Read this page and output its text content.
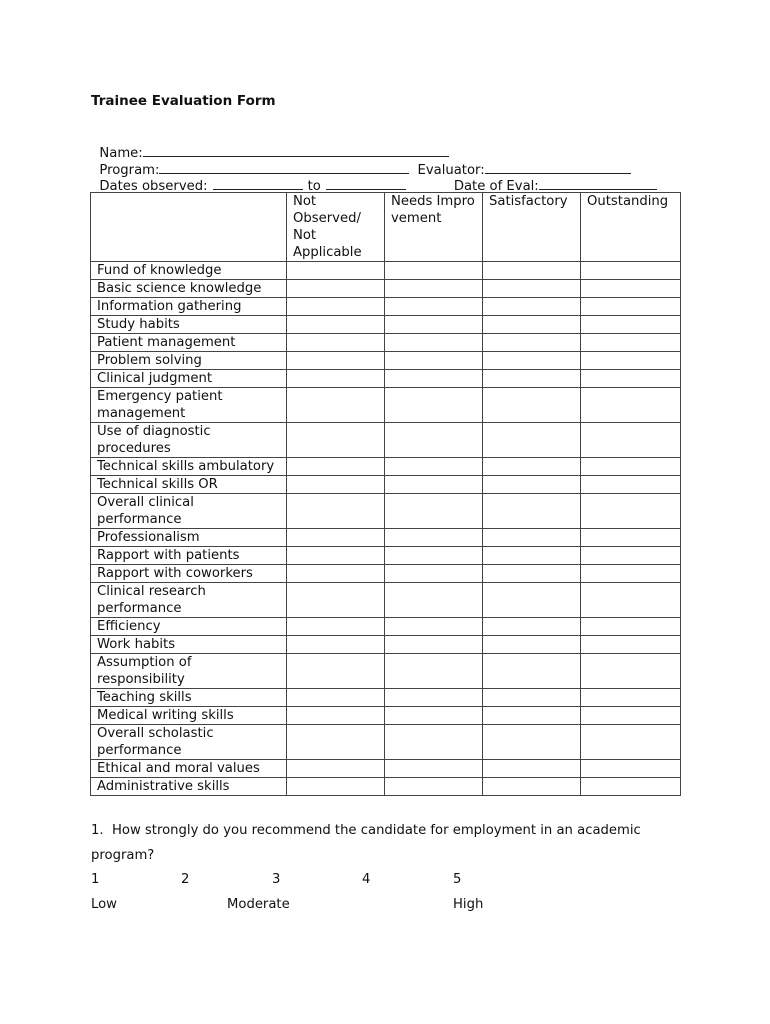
Trainee Evaluation Form

Name:

Program:	Evaluator:

Dates observed:	to	Date of Eval:

	Not Observed/ Not Applicable	Needs Improvement	Satisfactory	Outstanding
Fund of knowledge				
Basic science knowledge				
Information gathering				
Study habits				
Patient management				
Problem solving				
Clinical judgment				
Emergency patient management				
Use of diagnostic procedures				
Technical skills ambulatory				
Technical skills OR				
Overall clinical performance				
Professionalism				
Rapport with patients				
Rapport with coworkers				
Clinical research performance				
Efficiency				
Work habits				
Assumption of responsibility				
Teaching skills				
Medical writing skills				
Overall scholastic performance				
Ethical and moral values				
Administrative skills				
1.  How strongly do you recommend the candidate for employment in an academic
program?
1	2	3	4	5
Low	Moderate	High
